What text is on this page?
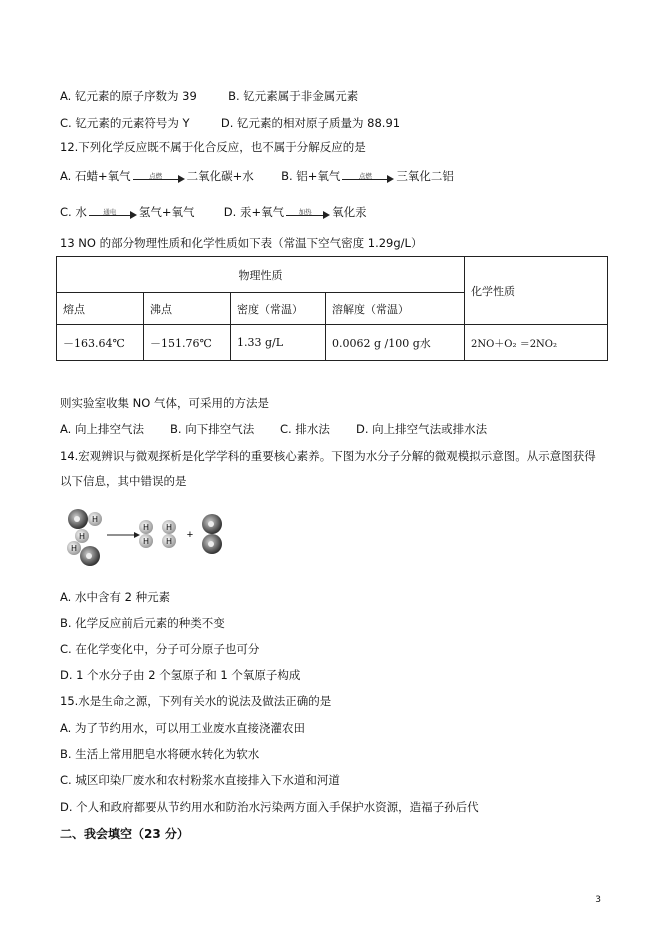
A. 钇元素的原子序数为 39	B. 钇元素属于非金属元素
C. 钇元素的元素符号为 Y	D. 钇元素的相对原子质量为 88.91
12.下列化学反应既不属于化合反应，也不属于分解反应的是
A. 石蜡+氧气	点燃	二氧化碳+水 B. 铝+氧气	点燃	三氧化二铝
C. 水	通电	氢气+氧气	D. 汞+氧气	加热	氧化汞
13 NO 的部分物理性质和化学性质如下表（常温下空气密度 1.29g/L）
物理性质				化学性质
熔点	沸点	密度（常温）	溶解度（常温）	
－163.64℃	－151.76℃	1.33 g/L	0.0062 g /100 g水	2NO＋O₂ ＝2NO₂
则实验室收集 NO 气体，可采用的方法是
A. 向上排空气法 B. 向下排空气法 C. 排水法 D. 向上排空气法或排水法
14.宏观辨识与微观探析是化学学科的重要核心素养。下图为水分子分解的微观模拟示意图。从示意图获得
以下信息，其中错误的是
H
H
H
H
H
H
H
+
A. 水中含有 2 种元素
B. 化学反应前后元素的种类不变
C. 在化学变化中，分子可分原子也可分
D. 1 个水分子由 2 个氢原子和 1 个氧原子构成
15.水是生命之源，下列有关水的说法及做法正确的是
A. 为了节约用水，可以用工业废水直接浇灌农田
B. 生活上常用肥皂水将硬水转化为软水
C. 城区印染厂废水和农村粉浆水直接排入下水道和河道
D. 个人和政府都要从节约用水和防治水污染两方面入手保护水资源，造福子孙后代
二、我会填空（23 分）
3
